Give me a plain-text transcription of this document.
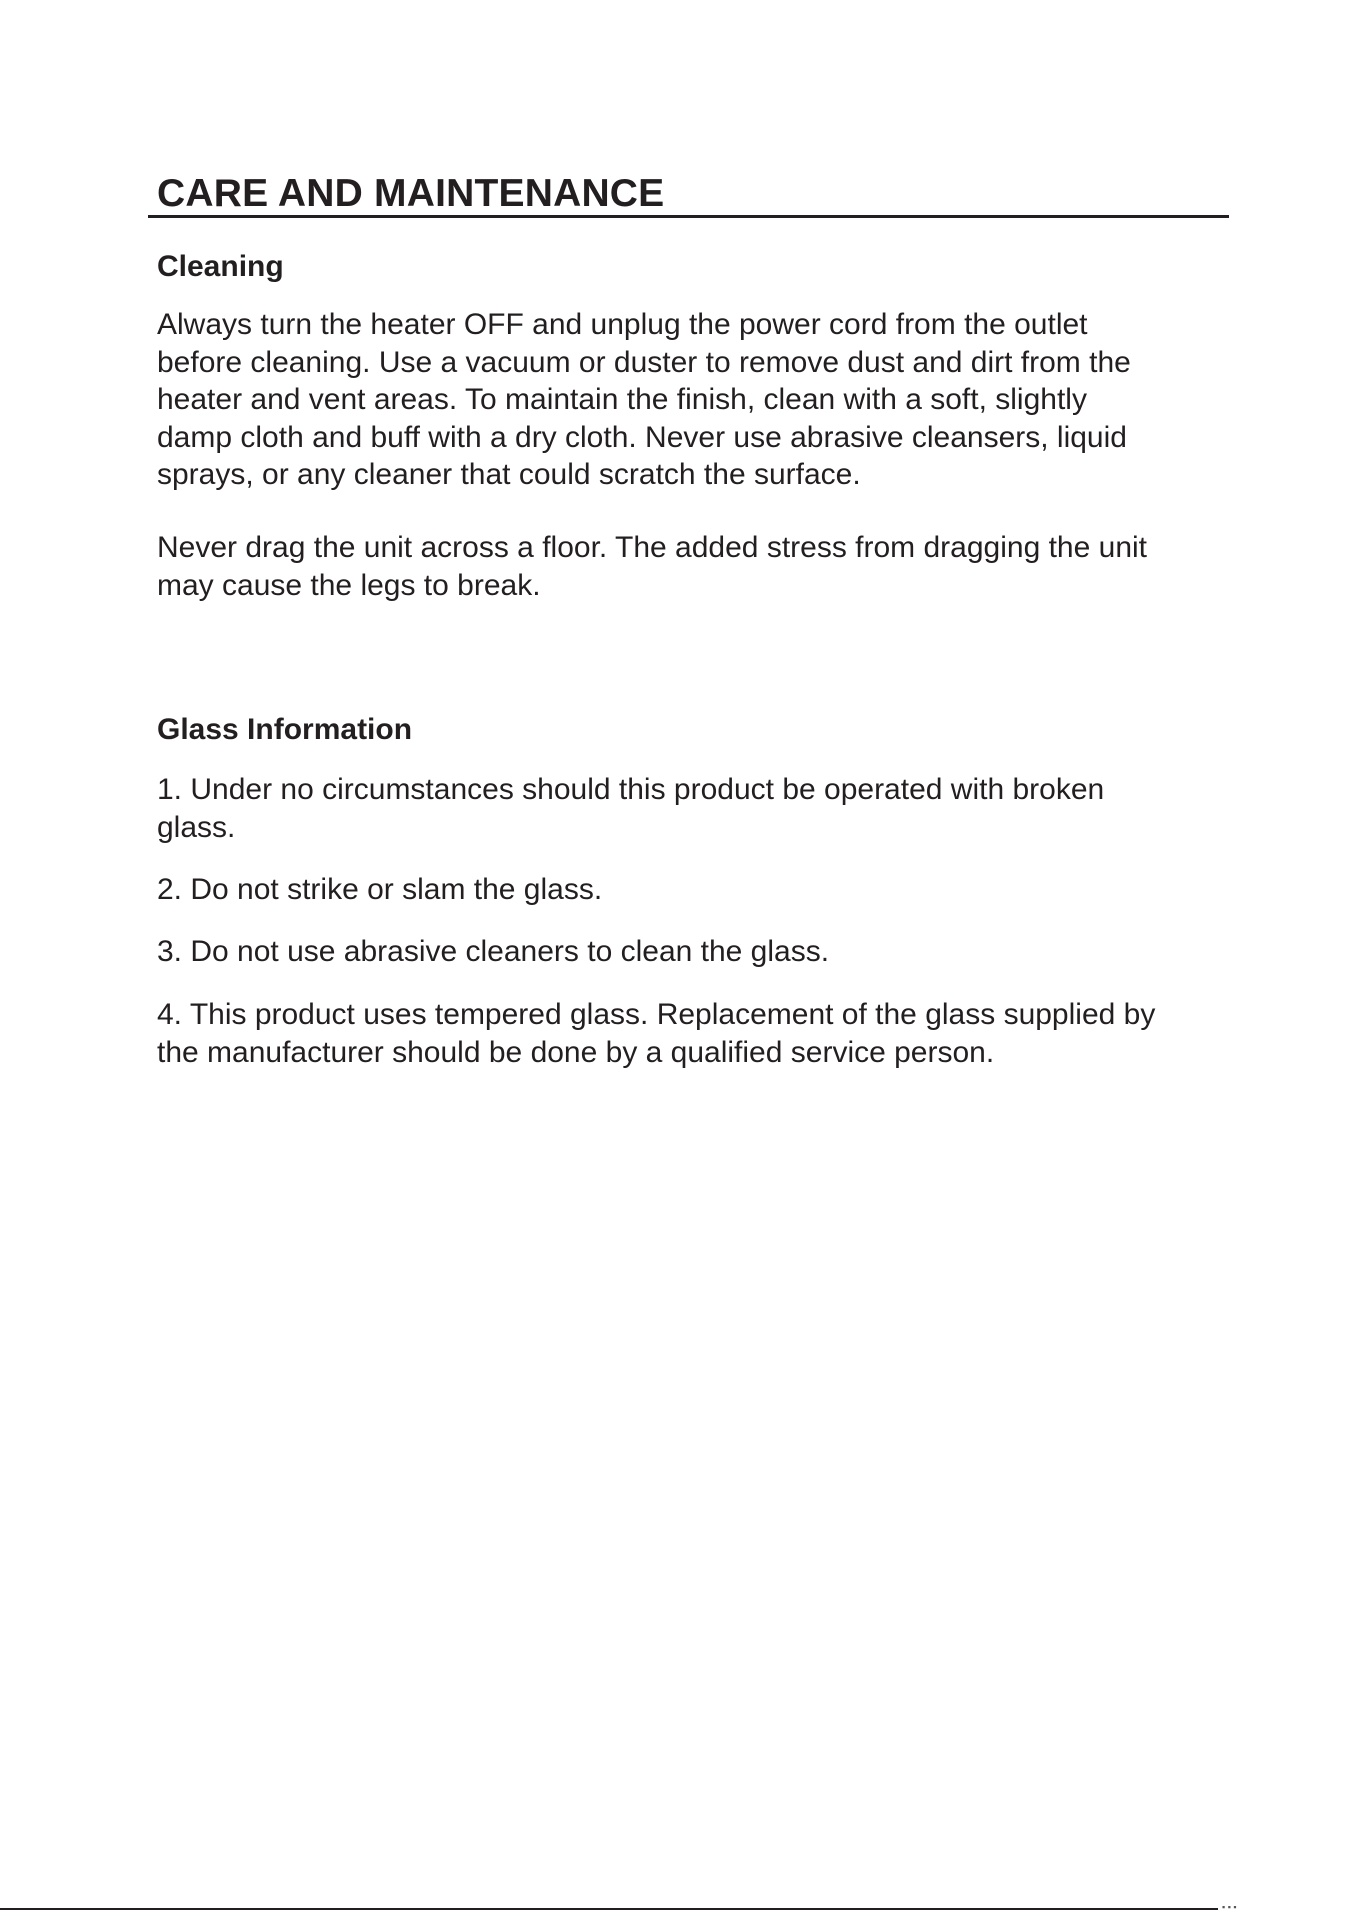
CARE AND MAINTENANCE
Cleaning

Always turn the heater OFF and unplug the power cord from the outlet
before cleaning. Use a vacuum or duster to remove dust and dirt from the
heater and vent areas. To maintain the finish, clean with a soft, slightly
damp cloth and buff with a dry cloth. Never use abrasive cleansers, liquid
sprays, or any cleaner that could scratch the surface.

Never drag the unit across a floor. The added stress from dragging the unit
may cause the legs to break.

Glass Information

1. Under no circumstances should this product be operated with broken
glass.

2. Do not strike or slam the glass.

3. Do not use abrasive cleaners to clean the glass.

4. This product uses tempered glass. Replacement of the glass supplied by
the manufacturer should be done by a qualified service person.

▪ ▪ ▪
